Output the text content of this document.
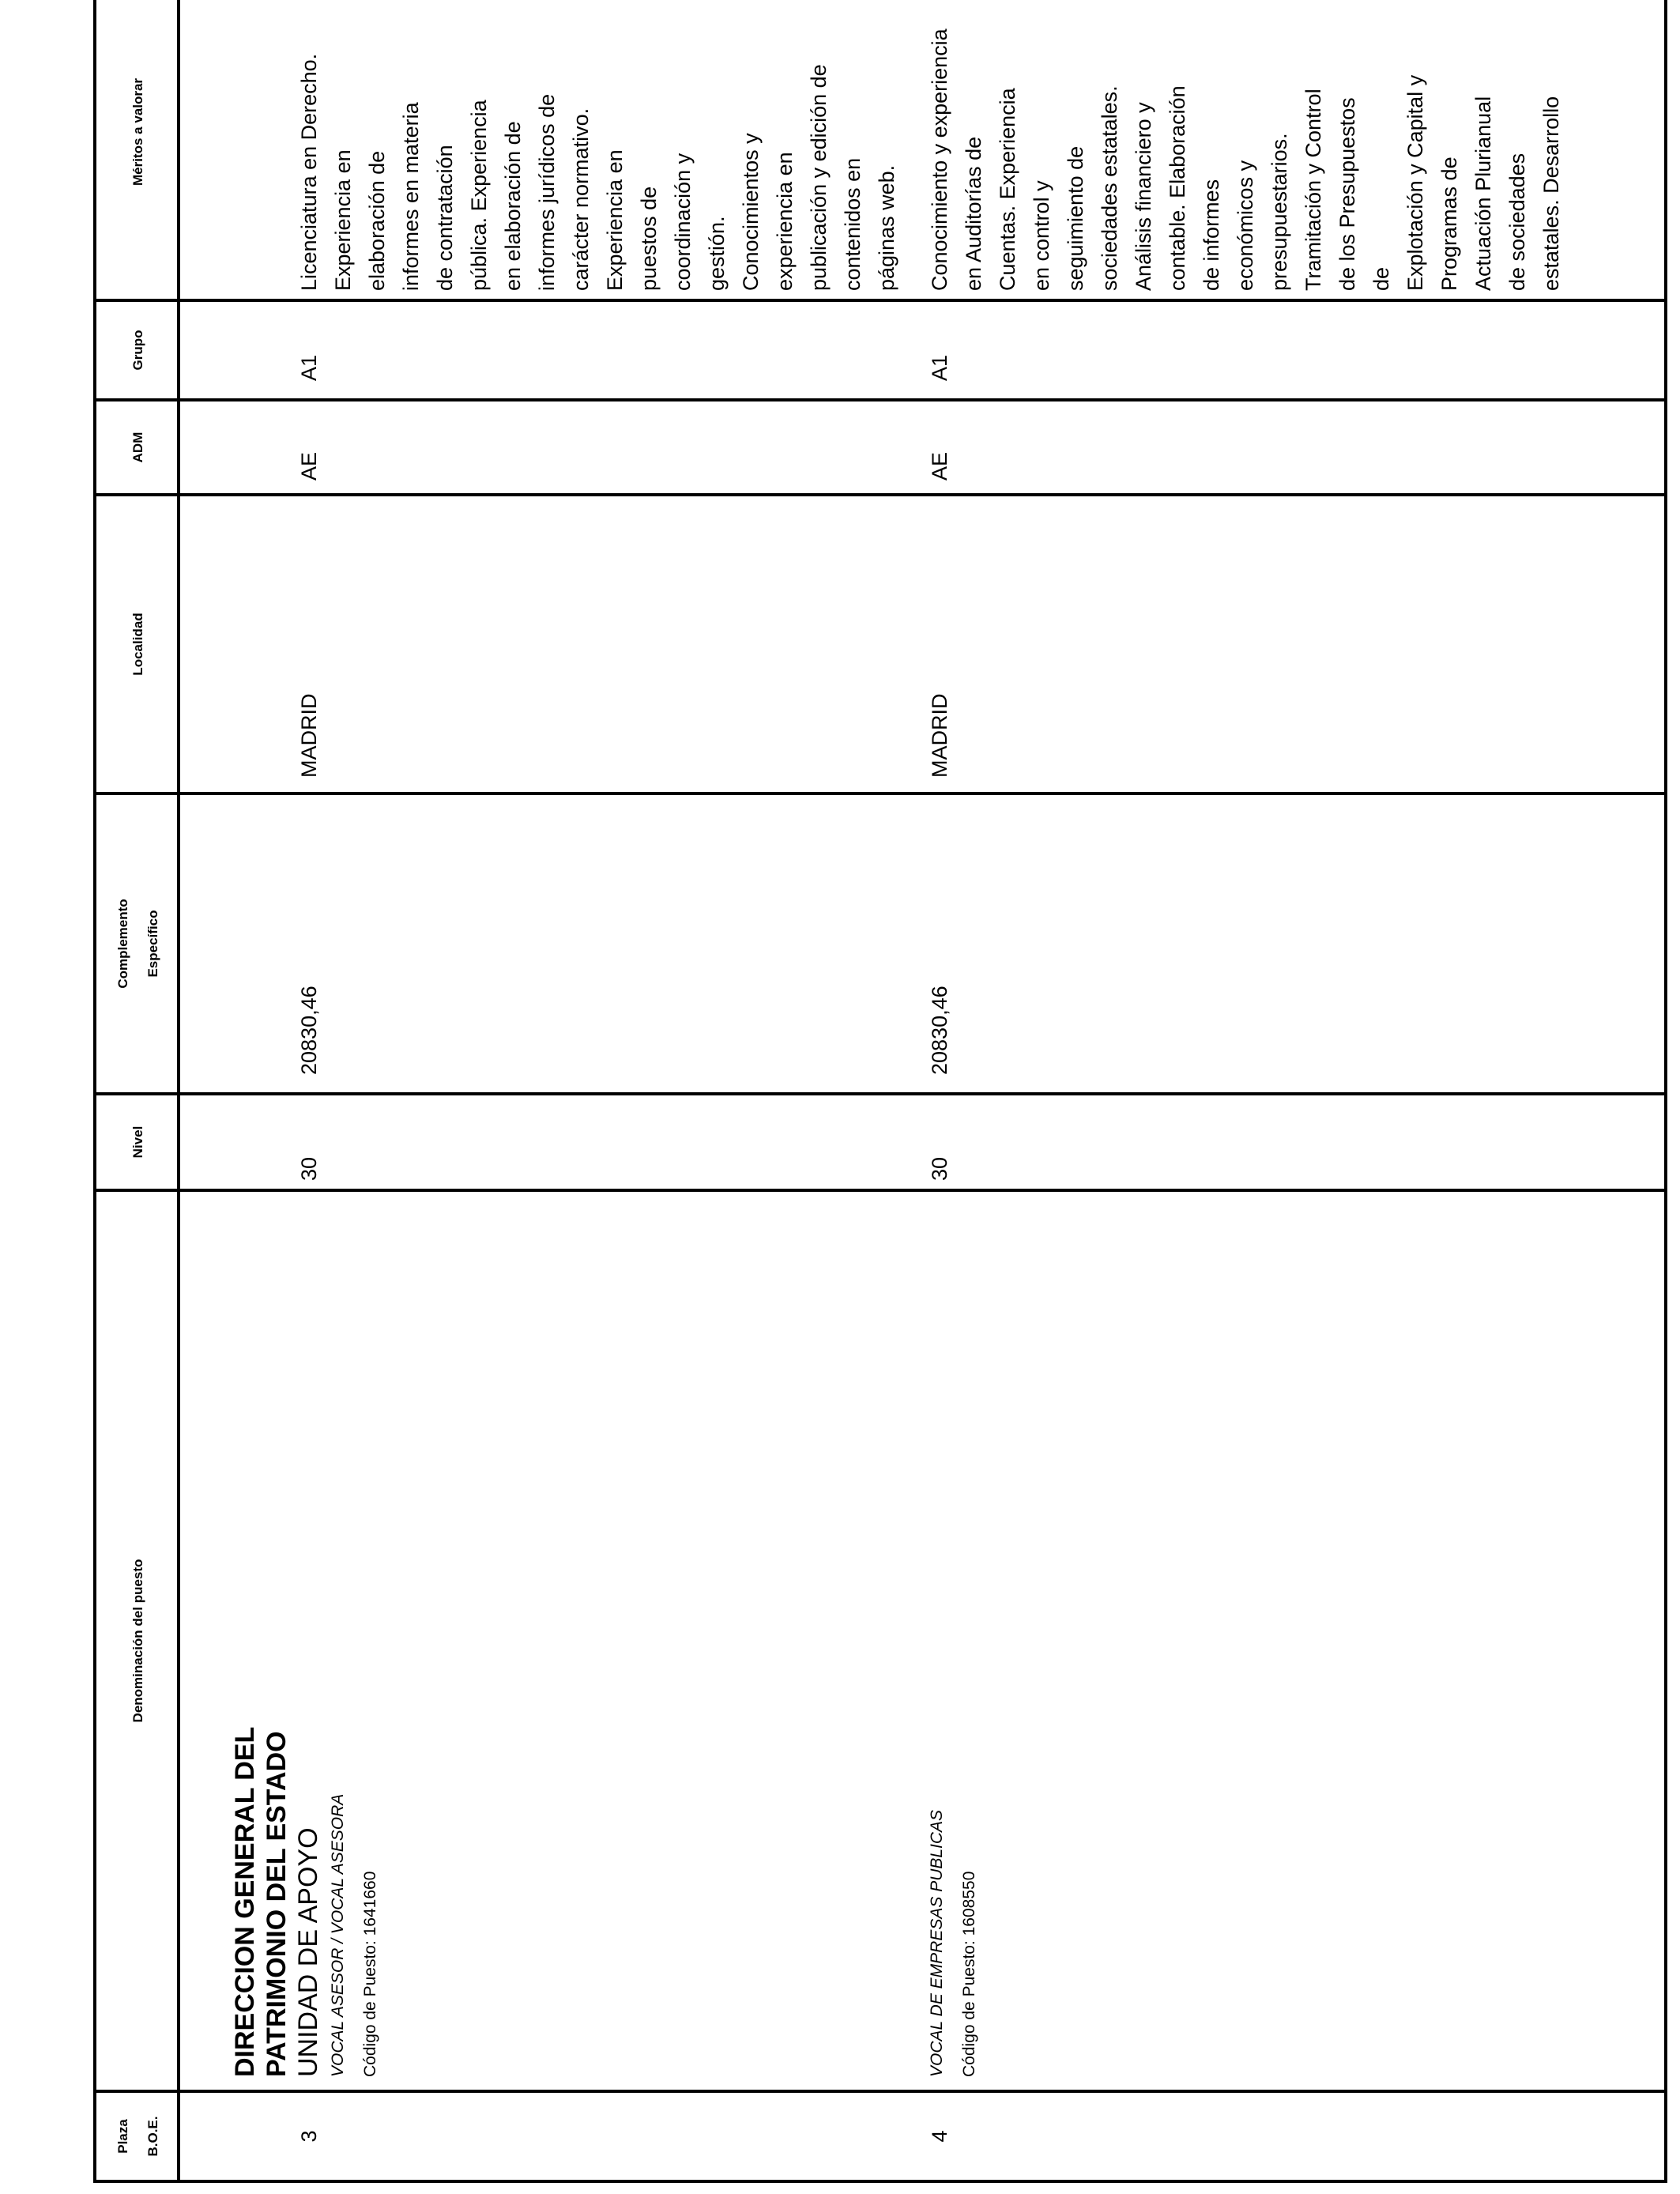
Plaza	B.O.E.
Denominación del puesto
Nivel
Complemento	Específico
Localidad
ADM
Grupo
Méritos a valorar
DIRECCION GENERAL DEL PATRIMONIO DEL ESTADO UNIDAD DE APOYO
3
VOCAL ASESOR / VOCAL ASESORA Código de Puesto: 1641660
30
20830,46
MADRID
AE
A1
Licenciatura en Derecho.
Experiencia en
elaboración de
informes en materia
de contratación
pública. Experiencia
en elaboración de
informes jurídicos de
carácter normativo.
Experiencia en
puestos de
coordinación y
gestión.
Conocimientos y
experiencia en
publicación y edición de
contenidos en
páginas web.
4
VOCAL DE EMPRESAS PUBLICAS Código de Puesto: 1608550
30
20830,46
MADRID
AE
A1
Conocimiento y experiencia
en Auditorías de
Cuentas. Experiencia
en control y
seguimiento de
sociedades estatales.
Análisis financiero y
contable. Elaboración
de informes
económicos y
presupuestarios.
Tramitación y Control
de los Presupuestos
de
Explotación y Capital y
Programas de
Actuación Plurianual
de sociedades
estatales. Desarrollo
